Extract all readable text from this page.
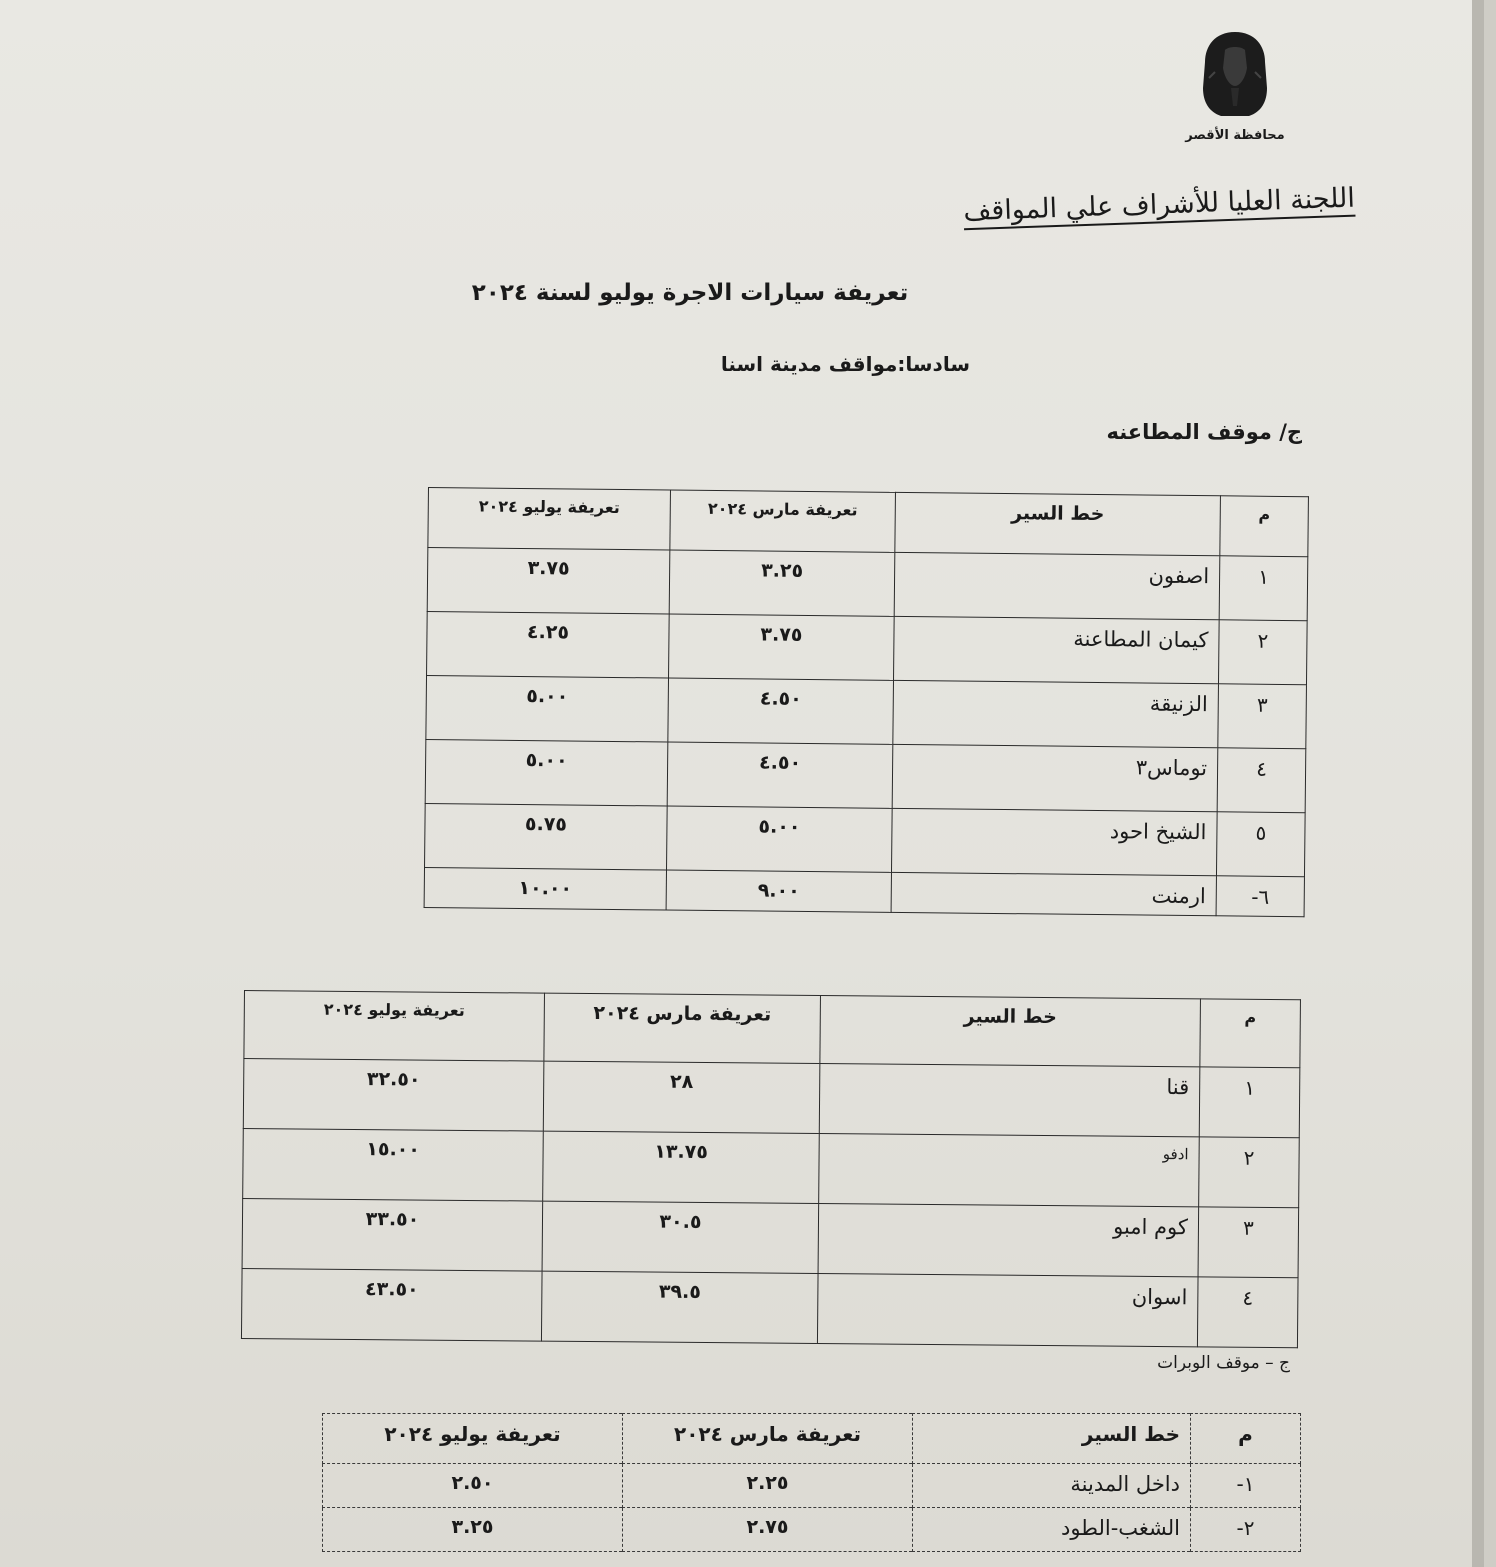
محافظة الأقصر
اللجنة العليا للأشراف علي المواقف
تعريفة سيارات الاجرة يوليو لسنة ٢٠٢٤
سادسا:مواقف مدينة اسنا
ج/ موقف المطاعنه
م	خط السير	تعريفة مارس ٢٠٢٤	تعريفة يوليو ٢٠٢٤
١	اصفون	٣.٢٥	٣.٧٥
٢	كيمان المطاعنة	٣.٧٥	٤.٢٥
٣	الزنيقة	٤.٥٠	٥.٠٠
٤	توماس٣	٤.٥٠	٥.٠٠
٥	الشيخ احود	٥.٠٠	٥.٧٥
٦-	ارمنت	٩.٠٠	١٠.٠٠
م	خط السير	تعريفة مارس ٢٠٢٤	تعريفة يوليو ٢٠٢٤
١	قنا	٢٨	٣٢.٥٠
٢	ادفو	١٣.٧٥	١٥.٠٠
٣	كوم امبو	٣٠.٥	٣٣.٥٠
٤	اسوان	٣٩.٥	٤٣.٥٠
ج – موقف الوبرات
م	خط السير	تعريفة مارس ٢٠٢٤	تعريفة يوليو ٢٠٢٤
١-	داخل المدينة	٢.٢٥	٢.٥٠
٢-	الشغب-الطود	٢.٧٥	٣.٢٥
